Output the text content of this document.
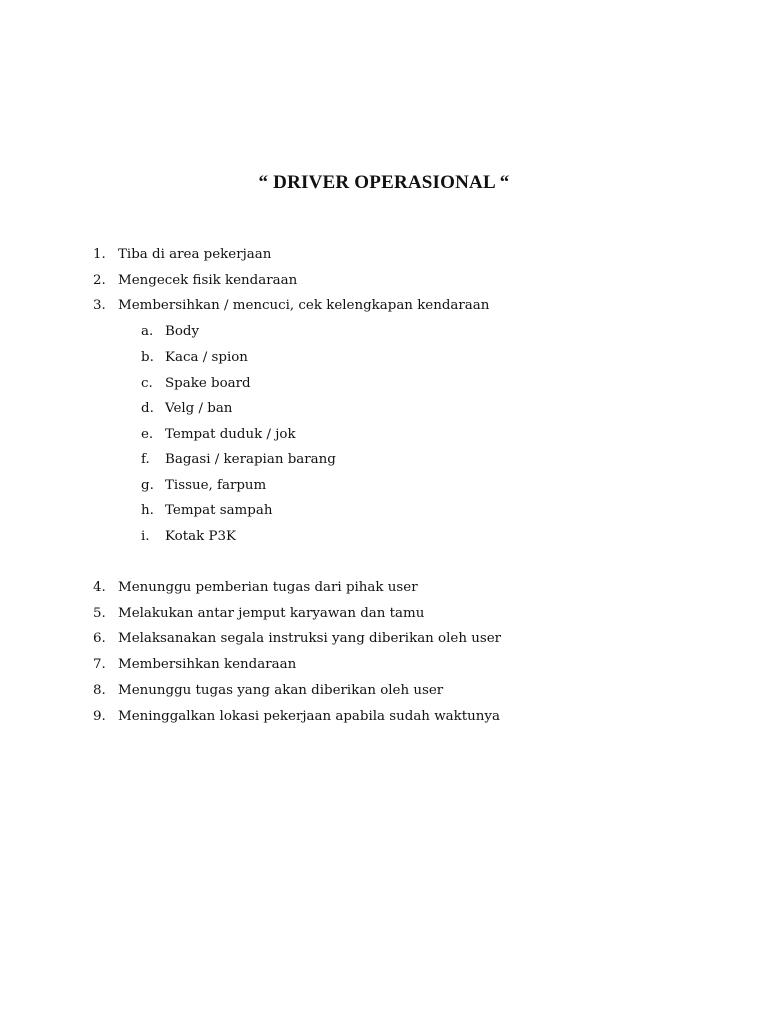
“ DRIVER OPERASIONAL “
1. Tiba di area pekerjaan
2. Mengecek fisik kendaraan
3. Membersihkan / mencuci, cek kelengkapan kendaraan
a. Body
b. Kaca / spion
c. Spake board
d. Velg / ban
e. Tempat duduk / jok
f. Bagasi / kerapian barang
g. Tissue, farpum
h. Tempat sampah
i. Kotak P3K
4. Menunggu pemberian tugas dari pihak user
5. Melakukan antar jemput karyawan dan tamu
6. Melaksanakan segala instruksi yang diberikan oleh user
7. Membersihkan kendaraan
8. Menunggu tugas yang akan diberikan oleh user
9. Meninggalkan lokasi pekerjaan apabila sudah waktunya
